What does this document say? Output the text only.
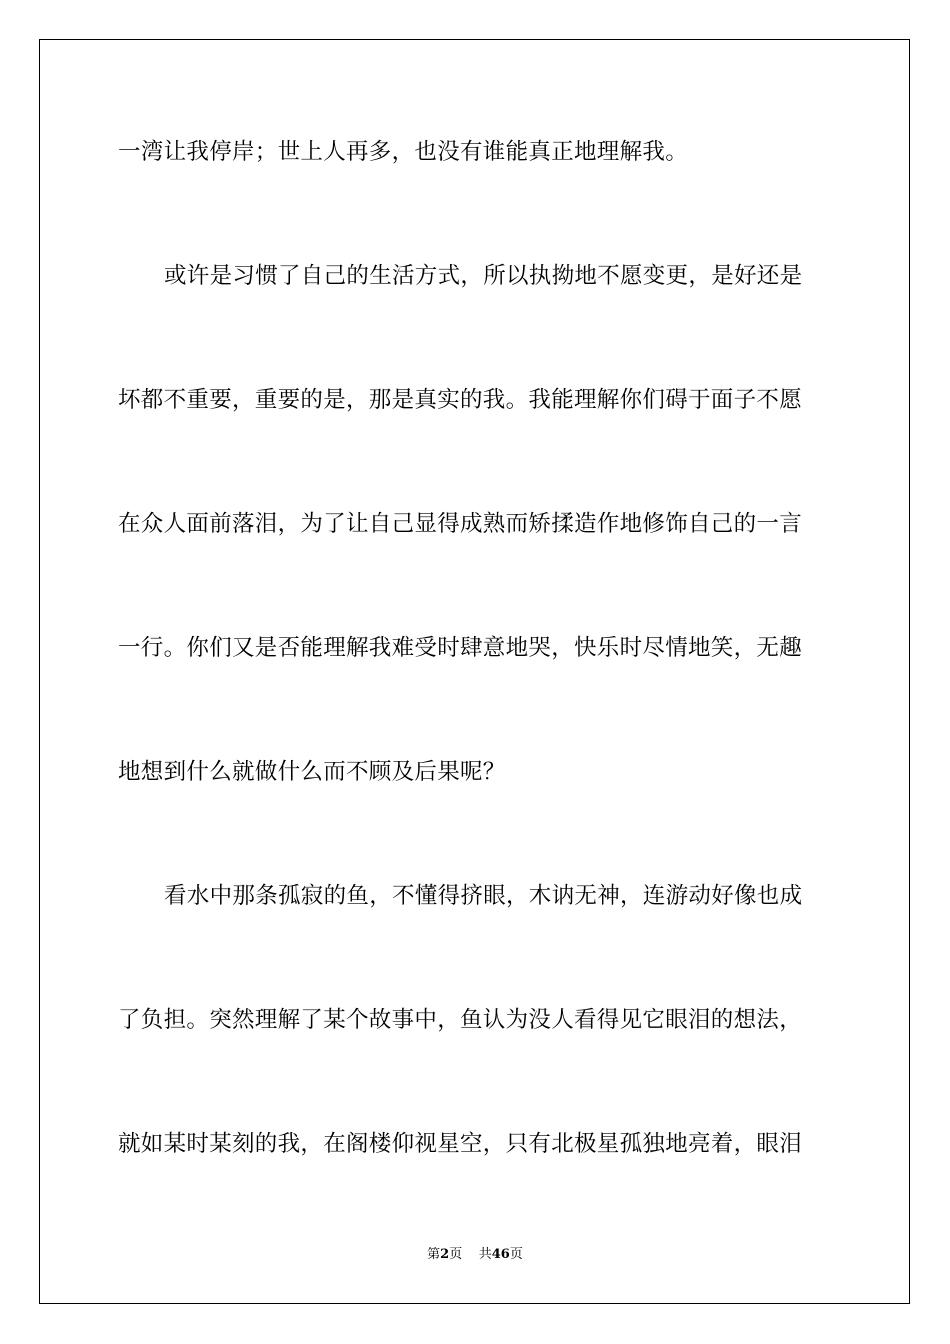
一湾让我停岸；世上人再多，也没有谁能真正地理解我。
或许是习惯了自己的生活方式，所以执拗地不愿变更，是好还是
坏都不重要，重要的是，那是真实的我。我能理解你们碍于面子不愿
在众人面前落泪，为了让自己显得成熟而矫揉造作地修饰自己的一言
一行。你们又是否能理解我难受时肆意地哭，快乐时尽情地笑，无趣
地想到什么就做什么而不顾及后果呢？
看水中那条孤寂的鱼，不懂得挤眼，木讷无神，连游动好像也成
了负担。突然理解了某个故事中，鱼认为没人看得见它眼泪的想法，
就如某时某刻的我，在阁楼仰视星空，只有北极星孤独地亮着，眼泪
第2页 共46页
